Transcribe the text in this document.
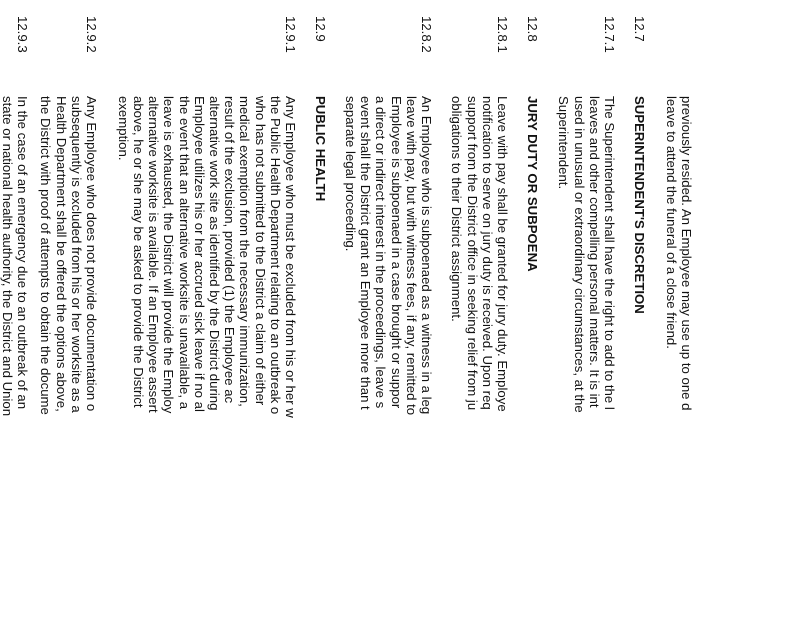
previously resided. An Employee may use up to one d
leave to attend the funeral of a close friend.

12.7
SUPERINTENDENT'S DISCRETION
12.7.1

The Superintendent shall have the right to add to the l
leaves and other compelling personal matters. It is int
used in unusual or extraordinary circumstances, at the
Superintendent.

12.8
JURY DUTY OR SUBPOENA
12.8.1

Leave with pay shall be granted for jury duty. Employe
notification to serve on jury duty is received. Upon req
support from the District office in seeking relief from ju
obligations to their District assignment.

12.8.2

An Employee who is subpoenaed as a witness in a leg
leave with pay, but with witness fees, if any, remitted to
Employee is subpoenaed in a case brought or suppor
a direct or indirect interest in the proceedings, leave s
event shall the District grant an Employee more than t
separate legal proceeding.

12.9
PUBLIC HEALTH
12.9.1

Any Employee who must be excluded from his or her w
the Public Health Department relating to an outbreak o
who has not submitted to the District a claim of either
medical exemption from the necessary immunization,
result of the exclusion, provided (1) the Employee ac
alternative work site as identified by the District during
Employee utilizes his or her accrued sick leave if no al
the event that an alternative worksite is unavailable, a
leave is exhausted, the District will provide the Employ
alternative worksite is available. If an Employee assert
above, he or she may be asked to provide the District
exemption.

12.9.2

Any Employee who does not provide documentation o
subsequently is excluded from his or her worksite as a
Health Department shall be offered the options above,
the District with proof of attempts to obtain the docume

12.9.3

In the case of an emergency due to an outbreak of an
state or national health authority, the District and Union
